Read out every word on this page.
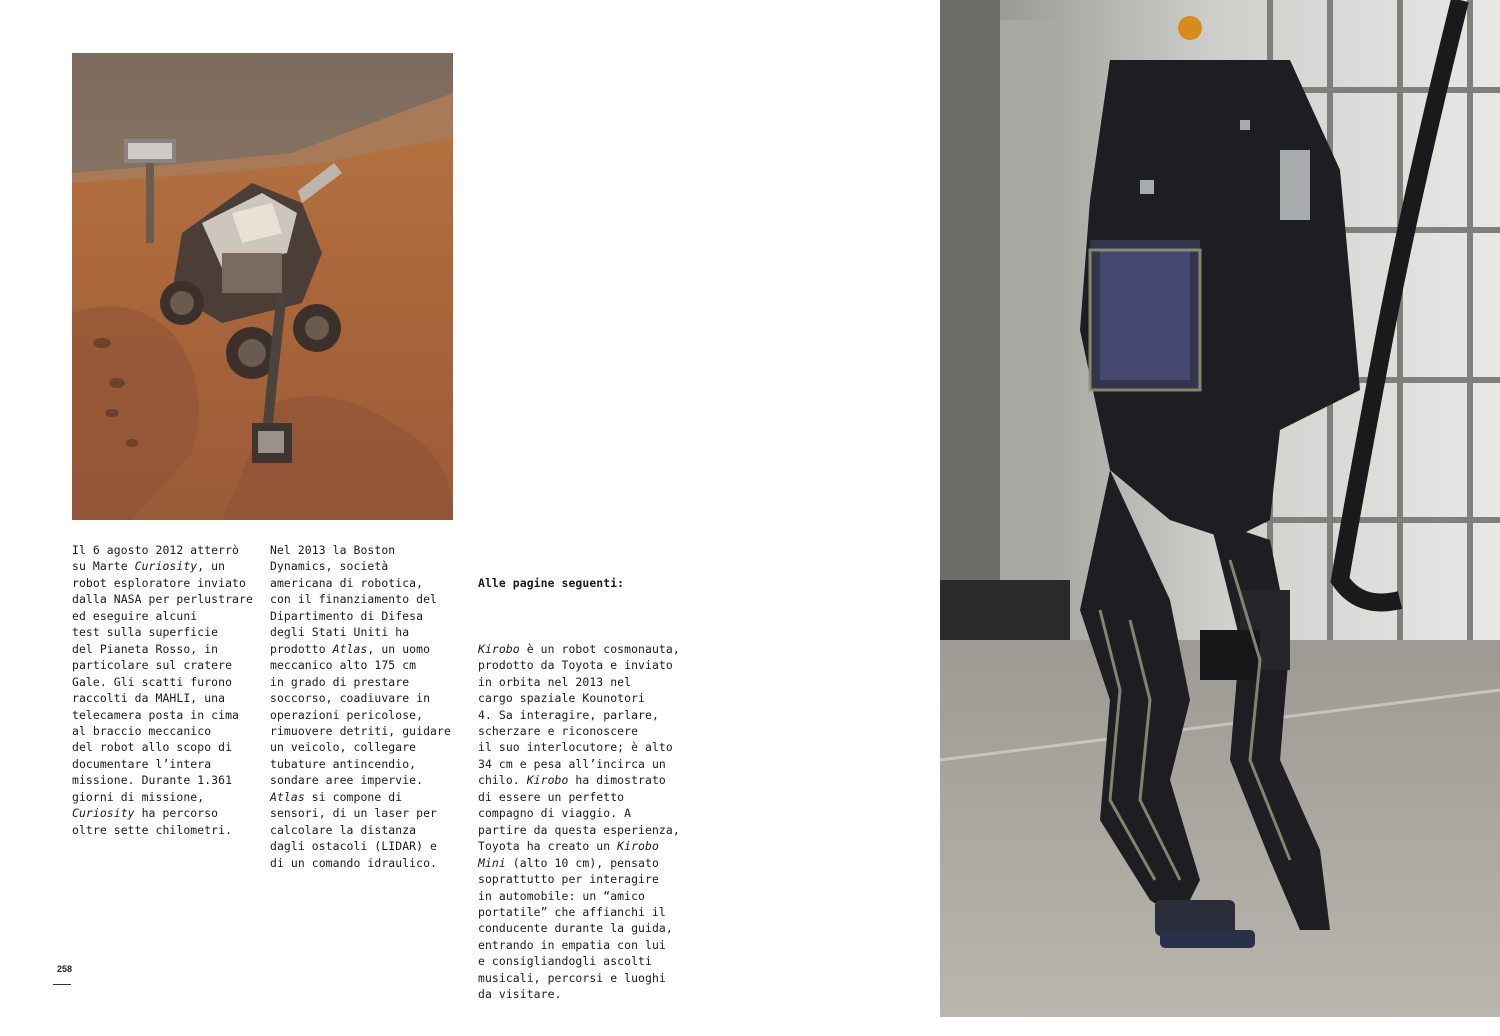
Il 6 agosto 2012 atterrò

su Marte Curiosity, un

robot esploratore inviato

dalla NASA per perlustrare

ed eseguire alcuni

test sulla superficie

del Pianeta Rosso, in

particolare sul cratere

Gale. Gli scatti furono

raccolti da MAHLI, una

telecamera posta in cima

al braccio meccanico

del robot allo scopo di

documentare l’intera

missione. Durante 1.361

giorni di missione,

Curiosity ha percorso

oltre sette chilometri.

Nel 2013 la Boston

Dynamics, società

americana di robotica,

con il finanziamento del

Dipartimento di Difesa

degli Stati Uniti ha

prodotto Atlas, un uomo

meccanico alto 175 cm

in grado di prestare

soccorso, coadiuvare in

operazioni pericolose,

rimuovere detriti, guidare

un veicolo, collegare

tubature antincendio,

sondare aree impervie.

Atlas si compone di

sensori, di un laser per

calcolare la distanza

dagli ostacoli (LIDAR) e

di un comando idraulico.

Alle pagine seguenti:

Kirobo è un robot cosmonauta,

prodotto da Toyota e inviato

in orbita nel 2013 nel

cargo spaziale Kounotori

4. Sa interagire, parlare,

scherzare e riconoscere

il suo interlocutore; è alto

34 cm e pesa all’incirca un

chilo. Kirobo ha dimostrato

di essere un perfetto

compagno di viaggio. A

partire da questa esperienza,

Toyota ha creato un Kirobo

Mini (alto 10 cm), pensato

soprattutto per interagire

in automobile: un “amico

portatile” che affianchi il

conducente durante la guida,

entrando in empatia con lui

e consigliandogli ascolti

musicali, percorsi e luoghi

da visitare.

258
